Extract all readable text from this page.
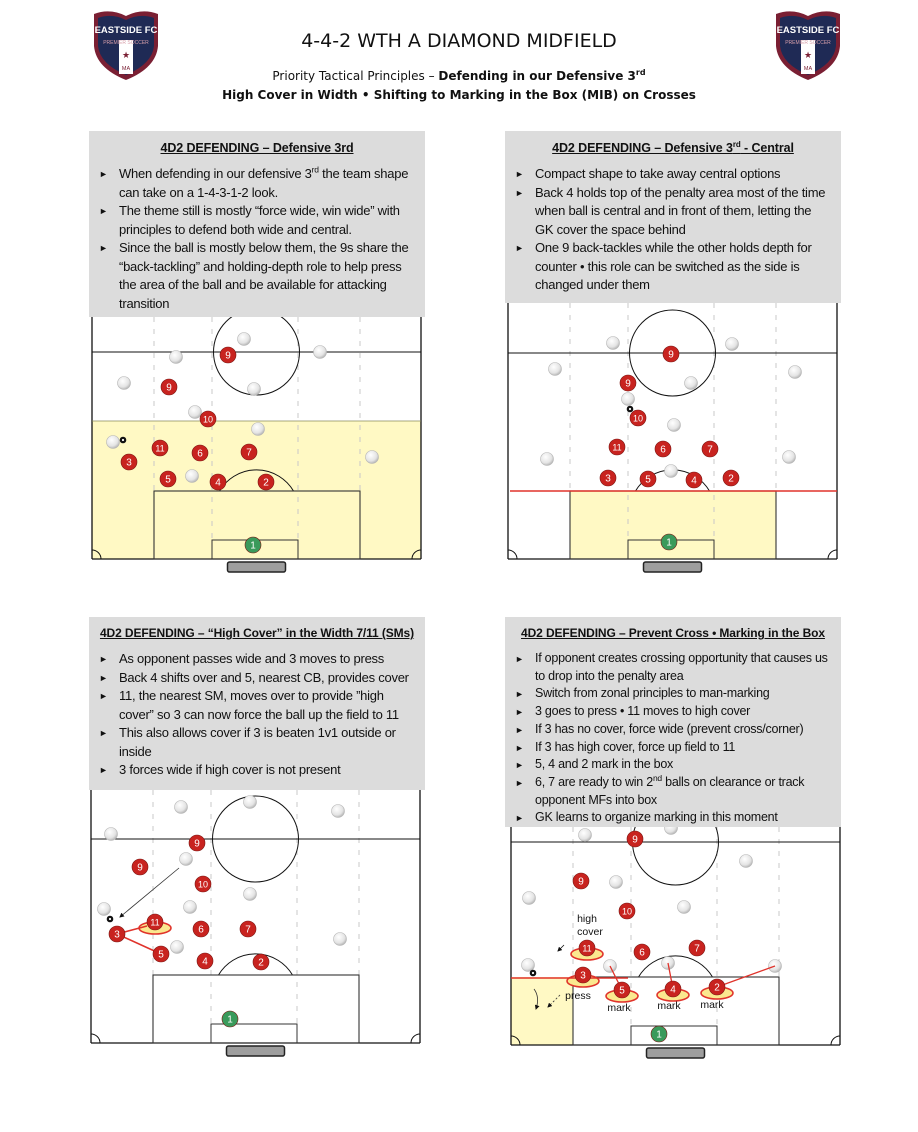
EASTSIDE FC
PREMIER SOCCER
★
MA
EASTSIDE FC
PREMIER SOCCER
★
MA
4-4-2 WTH A DIAMOND MIDFIELD
Priority Tactical Principles – Defending in our Defensive 3rd
High Cover in Width • Shifting to Marking in the Box (MIB) on Crosses
4D2 DEFENDING – Defensive 3rd
► When defending in our defensive 3rd the team shape can take on a 1-4-3-1-2 look.
► The theme still is mostly “force wide, win wide” with principles to defend both wide and central.
► Since the ball is mostly below them, the 9s share the “back-tackling” and holding-depth role to help press the area of the ball and be available for attacking transition
4D2 DEFENDING – Defensive 3rd - Central
► Compact shape to take away central options
► Back 4 holds top of the penalty area most of the time when ball is central and in front of them, letting the GK cover the space behind
► One 9 back-tackles while the other holds depth for counter • this role can be switched as the side is changed under them
4D2 DEFENDING – “High Cover” in the Width 7/11 (SMs)
► As opponent passes wide and 3 moves to press
► Back 4 shifts over and 5, nearest CB, provides cover
► 11, the nearest SM, moves over to provide ”high cover” so 3 can now force the ball up the field to 11
► This also allows cover if 3 is beaten 1v1 outside or inside
► 3 forces wide if high cover is not present
4D2 DEFENDING – Prevent Cross • Marking in the Box
► If opponent creates crossing opportunity that causes us to drop into the penalty area
► Switch from zonal principles to man-marking
► 3 goes to press • 11 moves to high cover
► If 3 has no cover, force wide (prevent cross/corner)
► If 3 has high cover, force up field to 11
► 5, 4 and 2 mark in the box
► 6, 7 are ready to win 2nd balls on clearance or track opponent MFs into box
► GK learns to organize marking in this moment
9
9
10
11
3
6	7
5	4	2
1
9
9
10
11	6	7
3	5	4	2
1
9
9
10
11
3	6	7
5
4	2
1
9
9
10
11	6	7
3
5	4	2
1
high
cover
press
mark	mark mark
